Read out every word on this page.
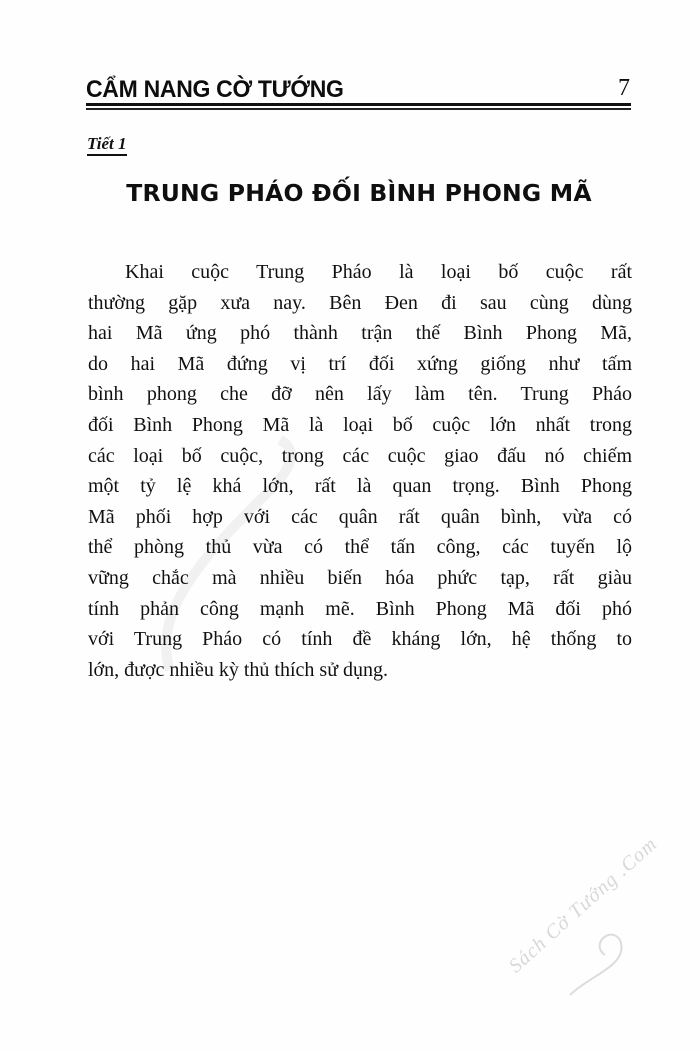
CẨM NANG CỜ TƯỚNG	7
Tiết 1
TRUNG PHÁO ĐỐI BÌNH PHONG MÃ
Khai cuộc Trung Pháo là loại bố cuộc rất
thường gặp xưa nay. Bên Đen đi sau cùng dùng
hai Mã ứng phó thành trận thế Bình Phong Mã,
do hai Mã đứng vị trí đối xứng giống như tấm
bình phong che đỡ nên lấy làm tên. Trung Pháo
đối Bình Phong Mã là loại bố cuộc lớn nhất trong
các loại bố cuộc, trong các cuộc giao đấu nó chiếm
một tỷ lệ khá lớn, rất là quan trọng. Bình Phong
Mã phối hợp với các quân rất quân bình, vừa có
thể phòng thủ vừa có thể tấn công, các tuyến lộ
vững chắc mà nhiều biến hóa phức tạp, rất giàu
tính phản công mạnh mẽ. Bình Phong Mã đối phó
với Trung Pháo có tính đề kháng lớn, hệ thống to
lớn, được nhiều kỳ thủ thích sử dụng.
Sách Cờ Tướng .Com
